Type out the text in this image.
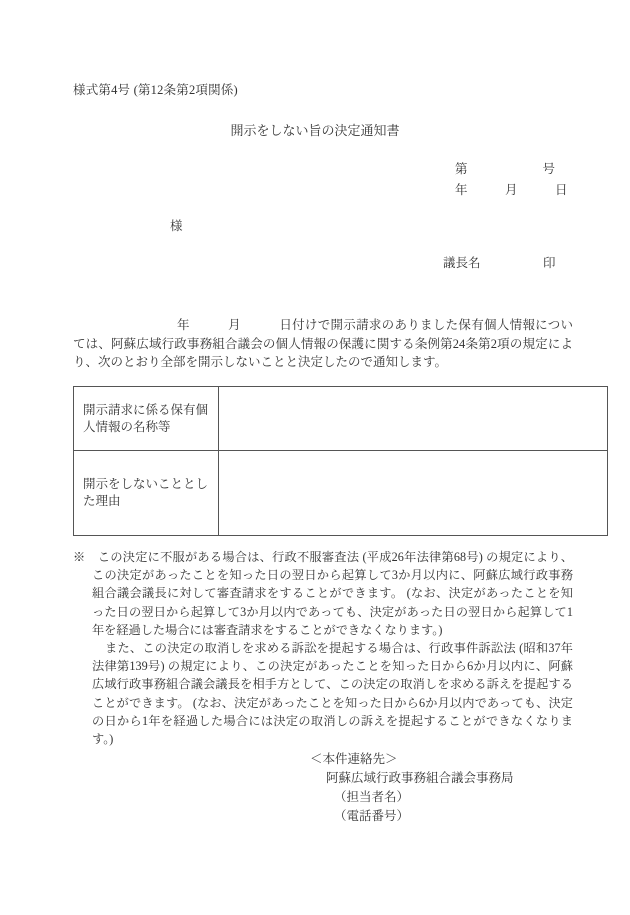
様式第4号 (第12条第2項関係)
開示をしない旨の決定通知書
第　　　　　　号
年　　　月　　　日
様
議長名　　　　　印
年　　　月　　　日付けで開示請求のありました保有個人情報については、阿蘇広域行政事務組合議会の個人情報の保護に関する条例第24条第2項の規定により、次のとおり全部を開示しないことと決定したので通知します。
開示請求に係る保有個人情報の名称等	
開示をしないこととした理由	

※　この決定に不服がある場合は、行政不服審査法 (平成26年法律第68号) の規定により、この決定があったことを知った日の翌日から起算して3か月以内に、阿蘇広域行政事務組合議会議長に対して審査請求をすることができます。 (なお、決定があったことを知った日の翌日から起算して3か月以内であっても、決定があった日の翌日から起算して1年を経過した場合には審査請求をすることができなくなります。)

また、この決定の取消しを求める訴訟を提起する場合は、行政事件訴訟法 (昭和37年法律第139号) の規定により、この決定があったことを知った日から6か月以内に、阿蘇広域行政事務組合議会議長を相手方として、この決定の取消しを求める訴えを提起することができます。 (なお、決定があったことを知った日から6か月以内であっても、決定の日から1年を経過した場合には決定の取消しの訴えを提起することができなくなります。)

＜本件連絡先＞
阿蘇広域行政事務組合議会事務局
（担当者名）
（電話番号）
